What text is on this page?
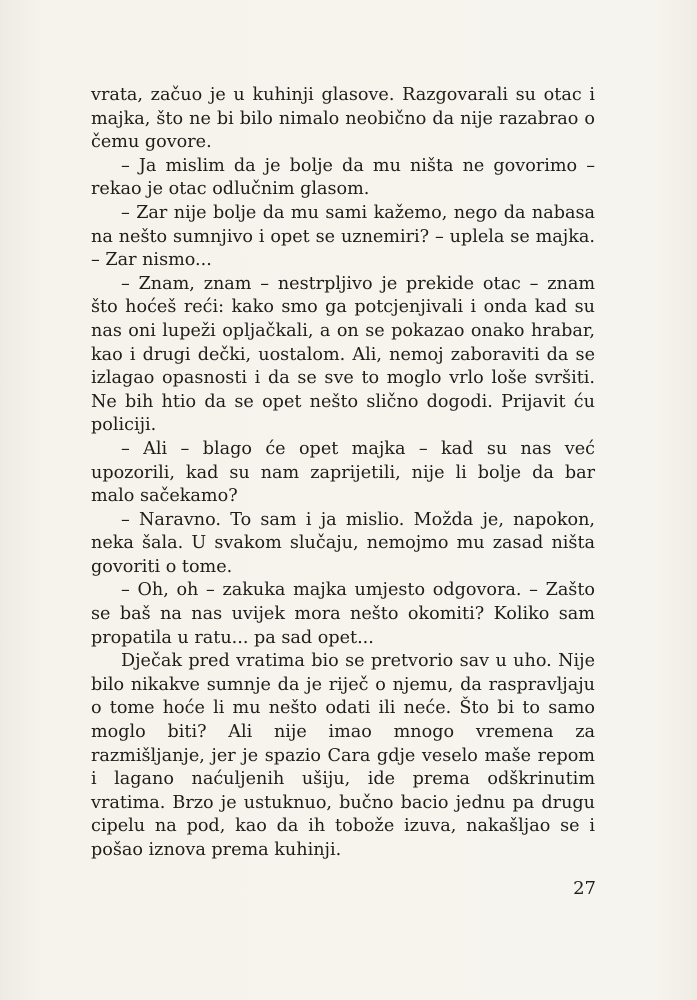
vrata, začuo je u kuhinji glasove. Razgovarali su otac i majka, što ne bi bilo nimalo neobično da nije razabrao o čemu govore.

– Ja mislim da je bolje da mu ništa ne govorimo – rekao je otac odlučnim glasom.

– Zar nije bolje da mu sami kažemo, nego da nabasa na nešto sumnjivo i opet se uznemiri? – uplela se majka. – Zar nismo...

– Znam, znam – nestrpljivo je prekide otac – znam što hoćeš reći: kako smo ga potcjenjivali i onda kad su nas oni lupeži opljačkali, a on se pokazao onako hrabar, kao i drugi dečki, uostalom. Ali, nemoj zaboraviti da se izlagao opasnosti i da se sve to moglo vrlo loše svršiti. Ne bih htio da se opet nešto slično dogodi. Prijavit ću policiji.

– Ali – blago će opet majka – kad su nas već upozorili, kad su nam zaprijetili, nije li bolje da bar malo sačekamo?

– Naravno. To sam i ja mislio. Možda je, napokon, neka šala. U svakom slučaju, nemojmo mu zasad ništa govoriti o tome.

– Oh, oh – zakuka majka umjesto odgovora. – Zašto se baš na nas uvijek mora nešto okomiti? Koliko sam propatila u ratu... pa sad opet...

Dječak pred vratima bio se pretvorio sav u uho. Nije bilo nikakve sumnje da je riječ o njemu, da raspravljaju o tome hoće li mu nešto odati ili neće. Što bi to samo moglo biti? Ali nije imao mnogo vremena za razmišljanje, jer je spazio Cara gdje veselo maše repom i lagano naćuljenih ušiju, ide prema odškrinutim vratima. Brzo je ustuknuo, bučno bacio jednu pa drugu cipelu na pod, kao da ih tobože izuva, nakašljao se i pošao iznova prema kuhinji.

27
